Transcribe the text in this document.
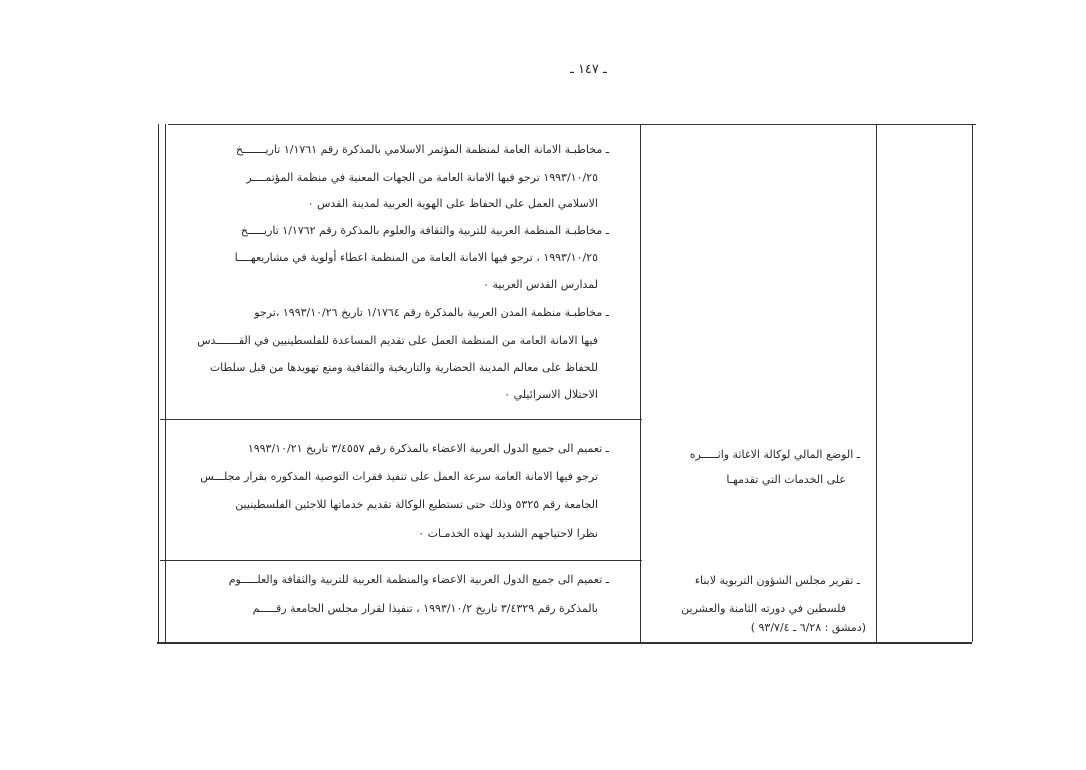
ـ ١٤٧ ـ
ـ مخاطبـة الامانة العامة لمنظمة المؤتمر الاسلامي بالمذكرة رقم ١/١٧٦١ تاريـــــــخ
١٩٩٣/١٠/٢٥ ترجو فيها الامانة العامة من الجهات المعنية في منظمة المؤتمــــر
الاسلامي العمل على الحفاظ على الهوية العربية لمدينة القدس ٠
ـ مخاطبـة المنظمة العربية للتربية والثقافة والعلوم بالمذكرة رقم ١/١٧٦٢ تاريـــــخ
١٩٩٣/١٠/٢٥ ، ترجو فيها الامانة العامة من المنظمة اعطاء أولوية في مشاريعهــــا
لمدارس القدس العربية ٠
ـ مخاطبـة منظمة المدن العربية بالمذكرة رقم ١/١٧٦٤ تاريخ ١٩٩٣/١٠/٢٦ ،ترجو
فيها الامانة العامة من المنظمة العمل على تقديم المساعدة للفلسطينيين في القـــــــدس
للحفاظ على معالم المدينة الحضارية والتاريخية والثقافية ومنع تهويدها من قبل سلطات
الاحتلال الاسرائيلي ٠
ـ الوضع المالي لوكالة الاغاثة واثـــــره
على الخدمات التي تقدمهـا
ـ تعميم الى جميع الدول العربية الاعضاء بالمذكرة رقم ٣/٤٥٥٧ تاريخ ١٩٩٣/١٠/٢١
ترجو فيها الامانة العامة سرعة العمل على تنفيذ فقرات التوصية المذكوره بقرار مجلـــس
الجامعة رقم ٥٣٢٥ وذلك حتى تستطيع الوكالة تقديم خدماتها للاجئين الفلسطينيين
نظرا لاحتياجهم الشديد لهذه الخدمـات ٠
ـ تقرير مجلس الشؤون التربوية لابناء
فلسطين في دورته الثامنة والعشرين
(دمشق : ٦/٢٨ ـ ٩٣/٧/٤ )
ـ تعميم الى جميع الدول العربية الاعضاء والمنظمة العربية للتربية والثقافة والعلـــــوم
بالمذكرة رقم ٣/٤٣٢٩ تاريخ ١٩٩٣/١٠/٢ ، تنفيذا لقرار مجلس الجامعة رقـــــم
